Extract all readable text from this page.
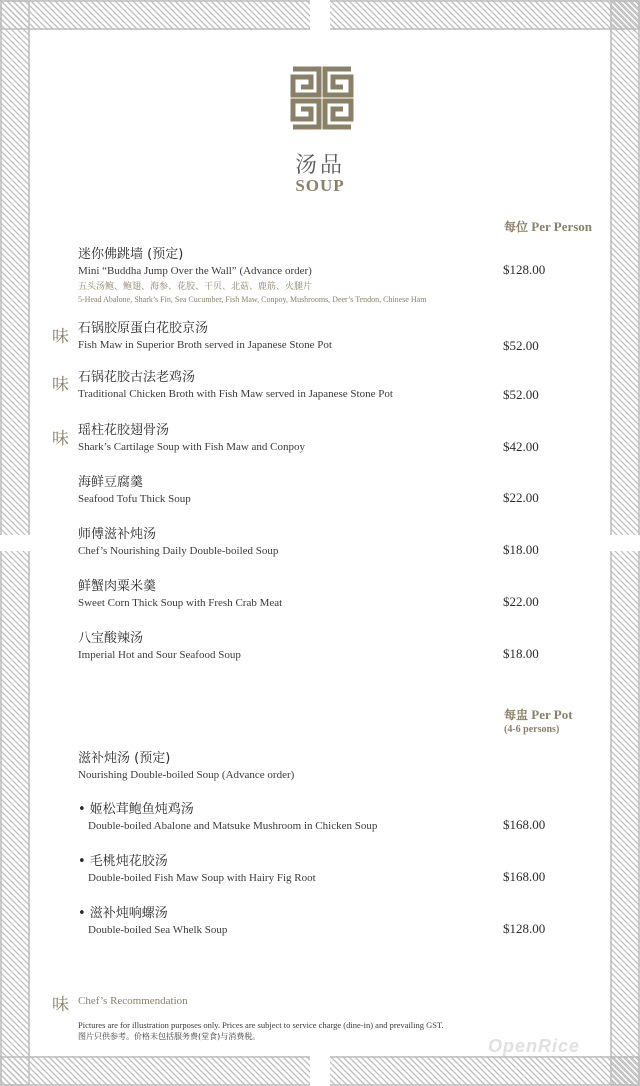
汤品
SOUP
每位 Per Person
迷你佛跳墙 (预定)
Mini “Buddha Jump Over the Wall” (Advance order)
五头汤鲍、鲍翅、海参、花胶、干贝、北菇、鹿筋、火腿片
5-Head Abalone, Shark’s Fin, Sea Cucumber, Fish Maw, Conpoy, Mushrooms, Deer’s Tendon, Chinese Ham
$128.00
味 石锅胶原蛋白花胶京汤
Fish Maw in Superior Broth served in Japanese Stone Pot	$52.00
味 石锅花胶古法老鸡汤
Traditional Chicken Broth with Fish Maw served in Japanese Stone Pot	$52.00
味 瑶柱花胶翅骨汤
Shark’s Cartilage Soup with Fish Maw and Conpoy	$42.00
海鲜豆腐羹
Seafood Tofu Thick Soup	$22.00
师傅滋补炖汤
Chef’s Nourishing Daily Double-boiled Soup	$18.00
鲜蟹肉粟米羹
Sweet Corn Thick Soup with Fresh Crab Meat	$22.00
八宝酸辣汤
Imperial Hot and Sour Seafood Soup	$18.00
每盅 Per Pot
(4-6 persons)
滋补炖汤 (预定)
Nourishing Double-boiled Soup (Advance order)
• 姬松茸鲍鱼炖鸡汤
Double-boiled Abalone and Matsuke Mushroom in Chicken Soup	$168.00
• 毛桃炖花胶汤
Double-boiled Fish Maw Soup with Hairy Fig Root	$168.00
• 滋补炖响螺汤
Double-boiled Sea Whelk Soup	$128.00
味 Chef’s Recommendation
Pictures are for illustration purposes only. Prices are subject to service charge (dine-in) and prevailing GST.
图片只供参考。价格未包括服务费(堂食)与消费税。	OpenRice
